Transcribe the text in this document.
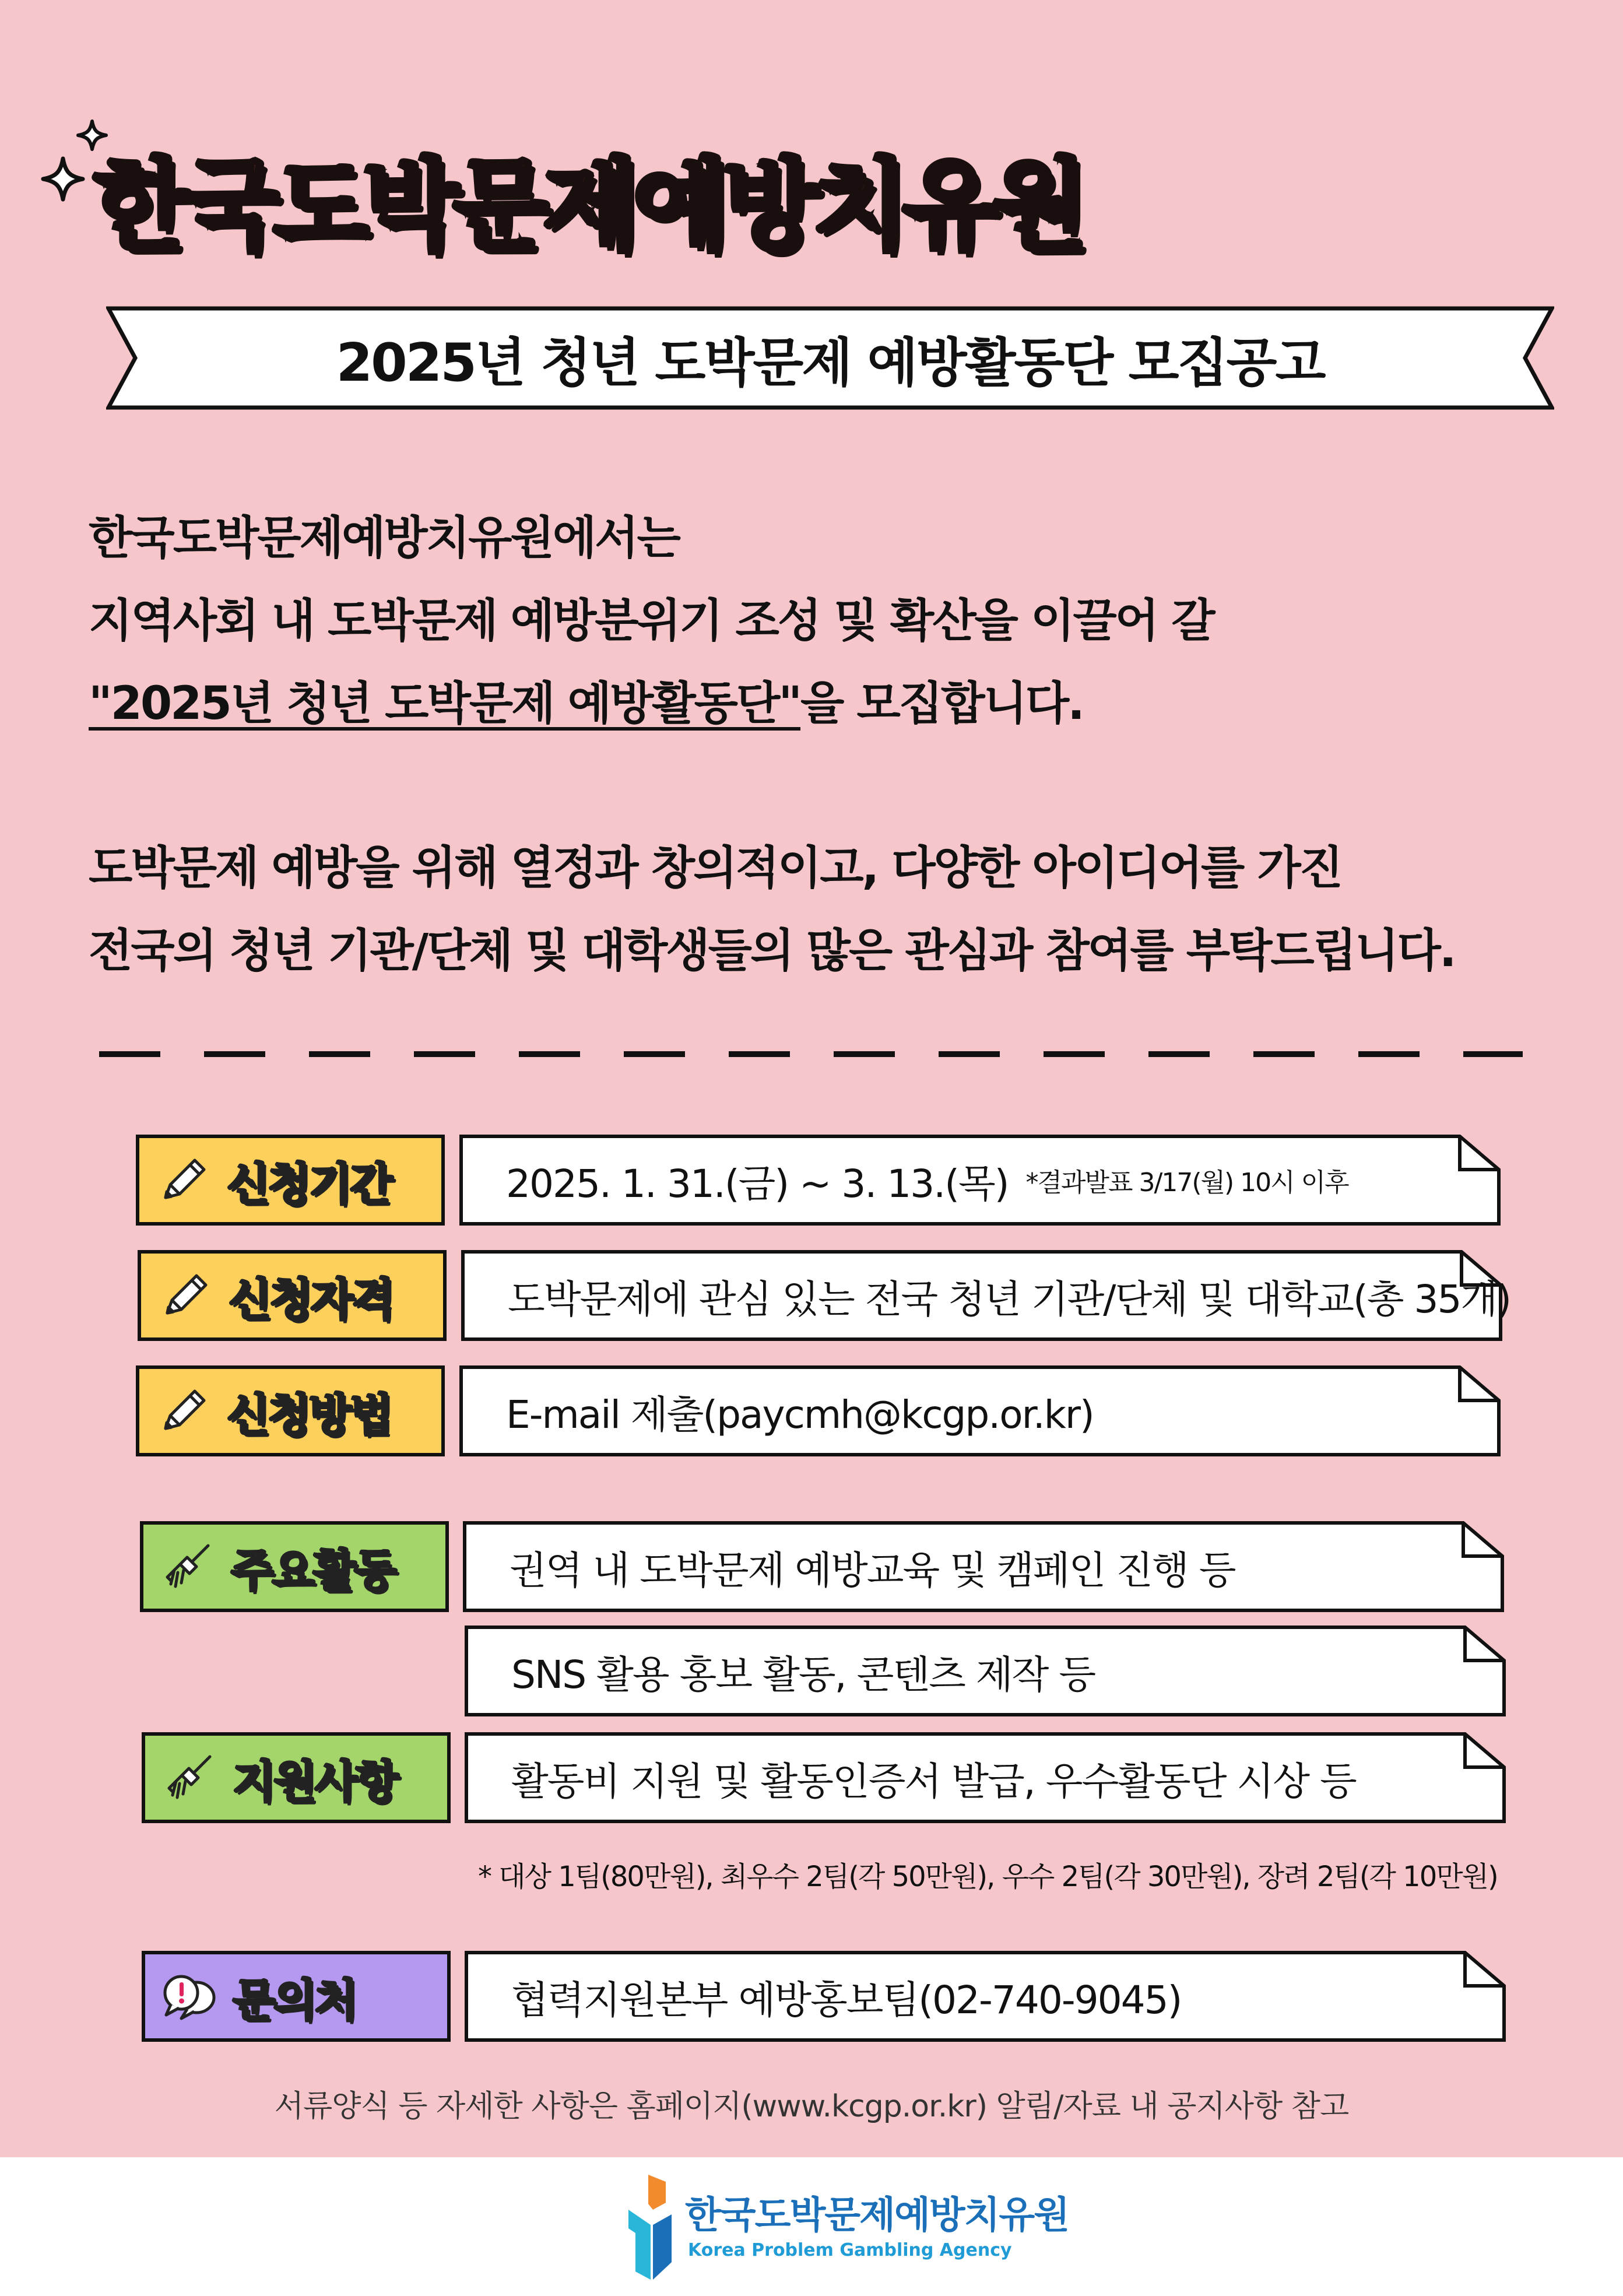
한국도박문제예방치유원
2025년 청년 도박문제 예방활동단 모집공고

한국도박문제예방치유원에서는

지역사회 내 도박문제 예방분위기 조성 및 확산을 이끌어 갈

"2025년 청년 도박문제 예방활동단"을 모집합니다.

도박문제 예방을 위해 열정과 창의적이고, 다양한 아이디어를 가진

전국의 청년 기관/단체 및 대학생들의 많은 관심과 참여를 부탁드립니다.

신청기간	2025. 1. 31.(금) ~ 3. 13.(목) *결과발표 3/17(월) 10시 이후
신청자격	도박문제에 관심 있는 전국 청년 기관/단체 및 대학교(총 35개)
신청방법	E-mail 제출(paycmh@kcgp.or.kr)
주요활동	권역 내 도박문제 예방교육 및 캠페인 진행 등
SNS 활용 홍보 활동, 콘텐츠 제작 등
지원사항	활동비 지원 및 활동인증서 발급, 우수활동단 시상 등
* 대상 1팀(80만원), 최우수 2팀(각 50만원), 우수 2팀(각 30만원), 장려 2팀(각 10만원)
문의처	협력지원본부 예방홍보팀(02-740-9045)
서류양식 등 자세한 사항은 홈페이지(www.kcgp.or.kr) 알림/자료 내 공지사항 참고
한국도박문제예방치유원
Korea Problem Gambling Agency
